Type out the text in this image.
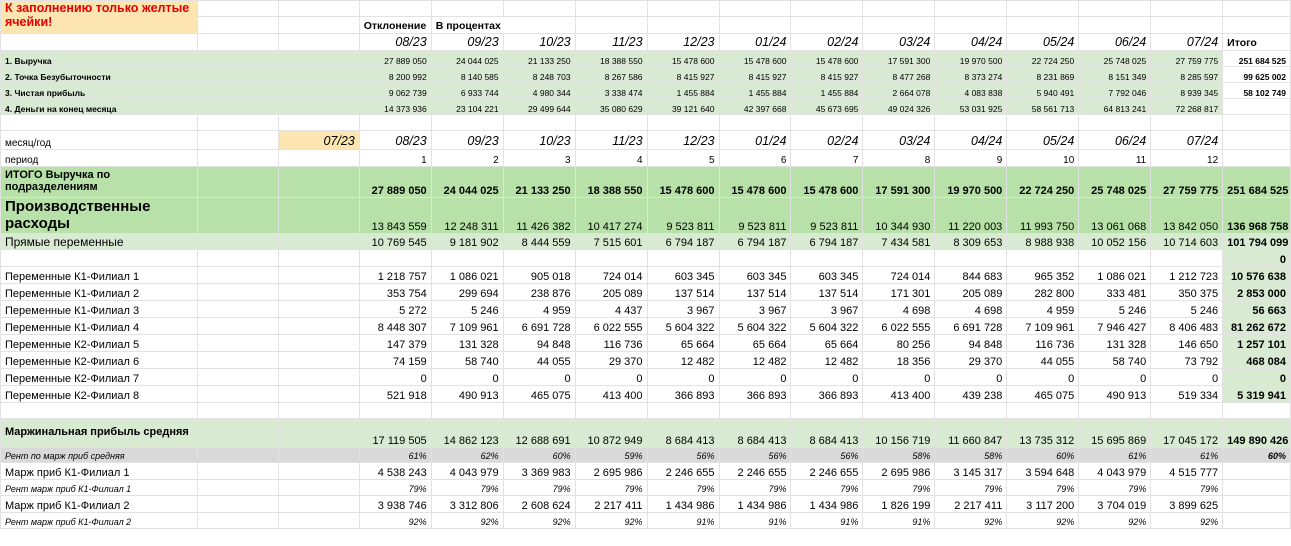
К заполнению только желтые ячейки!															
			Отклонение	В процентах											
			08/23	09/23	10/23	11/23	12/23	01/24	02/24	03/24	04/24	05/24	06/24	07/24	Итого
1. Выручка			27 889 050	24 044 025	21 133 250	18 388 550	15 478 600	15 478 600	15 478 600	17 591 300	19 970 500	22 724 250	25 748 025	27 759 775	251 684 525
2. Точка Безубыточности			8 200 992	8 140 585	8 248 703	8 267 586	8 415 927	8 415 927	8 415 927	8 477 268	8 373 274	8 231 869	8 151 349	8 285 597	99 625 002
3. Чистая прибыль			9 062 739	6 933 744	4 980 344	3 338 474	1 455 884	1 455 884	1 455 884	2 664 078	4 083 838	5 940 491	7 792 046	8 939 345	58 102 749
4. Деньги на конец месяца			14 373 936	23 104 221	29 499 644	35 080 629	39 121 640	42 397 668	45 673 695	49 024 326	53 031 925	58 561 713	64 813 241	72 268 817	

месяц/год		07/23	08/23	09/23	10/23	11/23	12/23	01/24	02/24	03/24	04/24	05/24	06/24	07/24	
период			1	2	3	4	5	6	7	8	9	10	11	12	
ИТОГО Выручка по подразделениям			27 889 050	24 044 025	21 133 250	18 388 550	15 478 600	15 478 600	15 478 600	17 591 300	19 970 500	22 724 250	25 748 025	27 759 775	251 684 525
Производственные расходы			13 843 559	12 248 311	11 426 382	10 417 274	9 523 811	9 523 811	9 523 811	10 344 930	11 220 003	11 993 750	13 061 068	13 842 050	136 968 758
Прямые переменные			10 769 545	9 181 902	8 444 559	7 515 601	6 794 187	6 794 187	6 794 187	7 434 581	8 309 653	8 988 938	10 052 156	10 714 603	101 794 099
															0
Переменные К1-Филиал 1			1 218 757	1 086 021	905 018	724 014	603 345	603 345	603 345	724 014	844 683	965 352	1 086 021	1 212 723	10 576 638
Переменные К1-Филиал 2			353 754	299 694	238 876	205 089	137 514	137 514	137 514	171 301	205 089	282 800	333 481	350 375	2 853 000
Переменные К1-Филиал 3			5 272	5 246	4 959	4 437	3 967	3 967	3 967	4 698	4 698	4 959	5 246	5 246	56 663
Переменные К1-Филиал 4			8 448 307	7 109 961	6 691 728	6 022 555	5 604 322	5 604 322	5 604 322	6 022 555	6 691 728	7 109 961	7 946 427	8 406 483	81 262 672
Переменные К2-Филиал 5			147 379	131 328	94 848	116 736	65 664	65 664	65 664	80 256	94 848	116 736	131 328	146 650	1 257 101
Переменные К2-Филиал 6			74 159	58 740	44 055	29 370	12 482	12 482	12 482	18 356	29 370	44 055	58 740	73 792	468 084
Переменные К2-Филиал 7			0	0	0	0	0	0	0	0	0	0	0	0	0
Переменные К2-Филиал 8			521 918	490 913	465 075	413 400	366 893	366 893	366 893	413 400	439 238	465 075	490 913	519 334	5 319 941

Маржинальная прибыль средняя			17 119 505	14 862 123	12 688 691	10 872 949	8 684 413	8 684 413	8 684 413	10 156 719	11 660 847	13 735 312	15 695 869	17 045 172	149 890 426
Рент по марж приб средняя			61%	62%	60%	59%	56%	56%	56%	58%	58%	60%	61%	61%	60%
Марж приб К1-Филиал 1			4 538 243	4 043 979	3 369 983	2 695 986	2 246 655	2 246 655	2 246 655	2 695 986	3 145 317	3 594 648	4 043 979	4 515 777	
Рент марж приб К1-Филиал 1			79%	79%	79%	79%	79%	79%	79%	79%	79%	79%	79%	79%	
Марж приб К1-Филиал 2			3 938 746	3 312 806	2 608 624	2 217 411	1 434 986	1 434 986	1 434 986	1 826 199	2 217 411	3 117 200	3 704 019	3 899 625	
Рент марж приб К1-Филиал 2			92%	92%	92%	92%	91%	91%	91%	91%	92%	92%	92%	92%	
